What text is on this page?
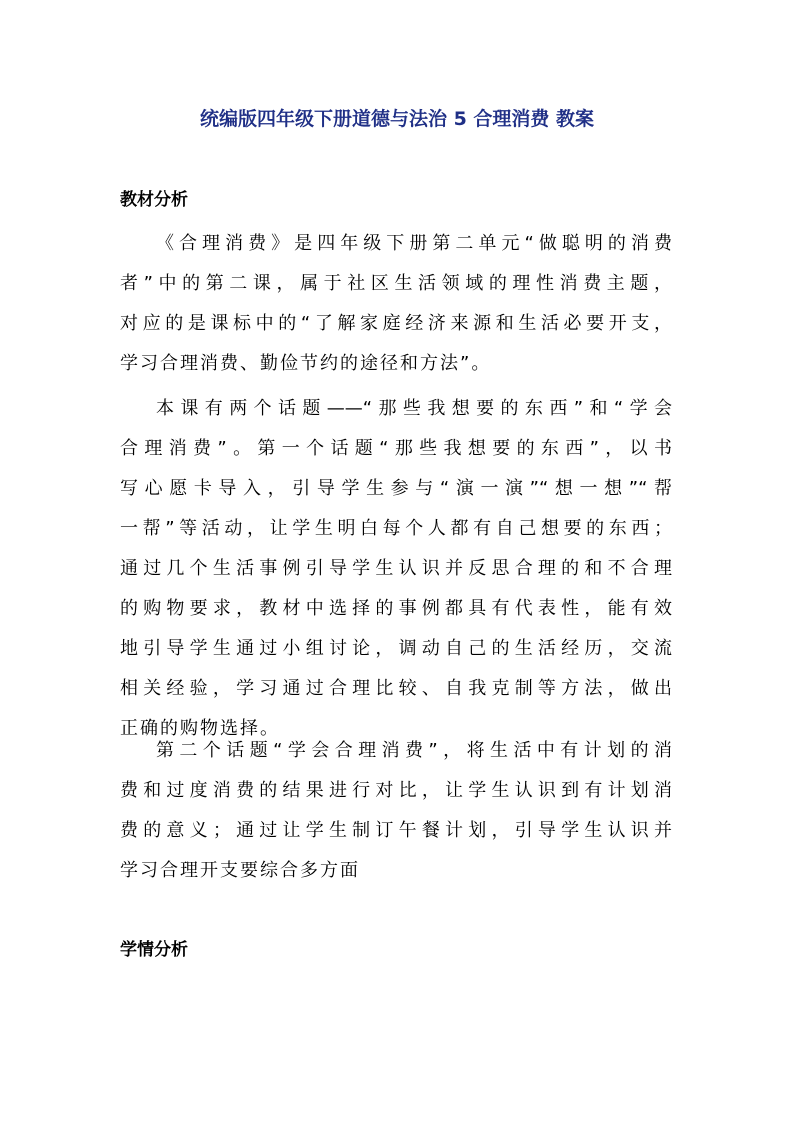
统编版四年级下册道德与法治 5 合理消费 教案
教材分析
《合理消费》是四年级下册第二单元“做聪明的消费
者”中的第二课，属于社区生活领域的理性消费主题，
对应的是课标中的“了解家庭经济来源和生活必要开支，
学习合理消费、勤俭节约的途径和方法”。
本课有两个话题——“那些我想要的东西”和“学会
合理消费”。第一个话题“那些我想要的东西”，以书
写心愿卡导入，引导学生参与“演一演”“想一想”“帮
一帮”等活动，让学生明白每个人都有自己想要的东西；
通过几个生活事例引导学生认识并反思合理的和不合理
的购物要求，教材中选择的事例都具有代表性，能有效
地引导学生通过小组讨论，调动自己的生活经历，交流
相关经验，学习通过合理比较、自我克制等方法，做出
正确的购物选择。
第二个话题“学会合理消费”，将生活中有计划的消
费和过度消费的结果进行对比，让学生认识到有计划消
费的意义；通过让学生制订午餐计划，引导学生认识并
学习合理开支要综合多方面
学情分析
